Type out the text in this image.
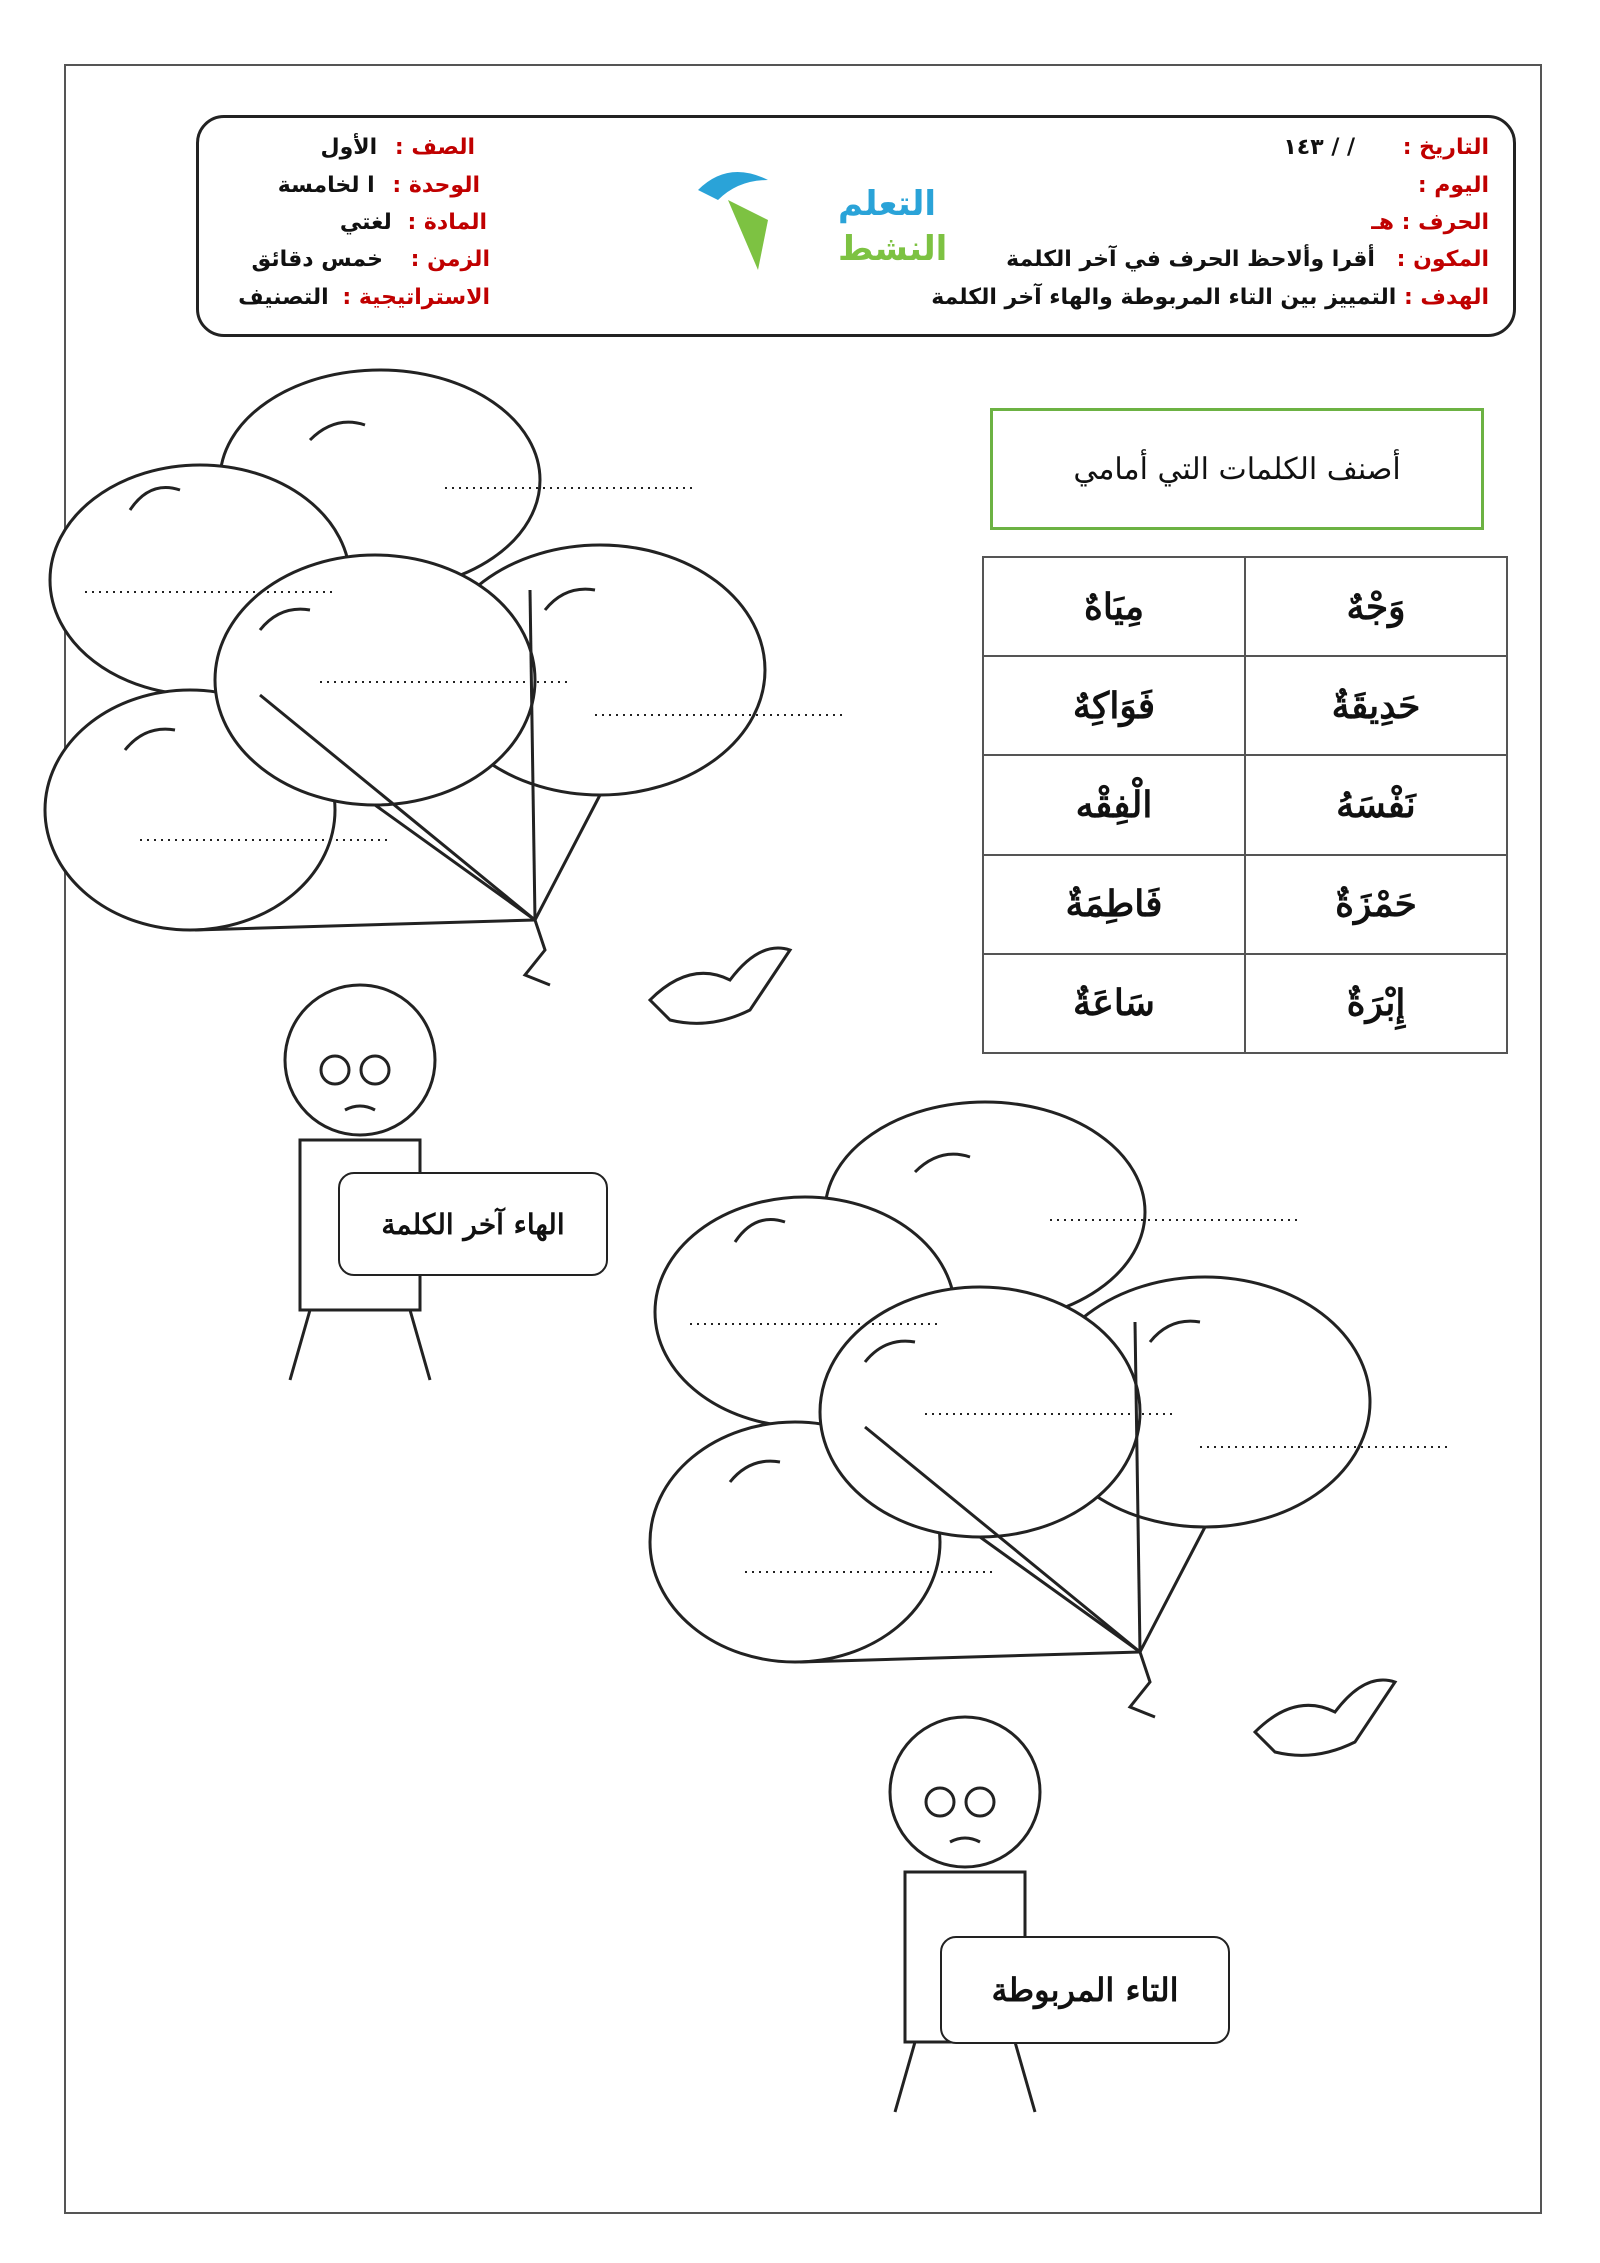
التاريخ : / / ١٤٣
اليوم :
الحرف : هـ
المكون : أقرا وألاحظ الحرف في آخر الكلمة
الهدف : التمييز بين التاء المربوطة والهاء آخر الكلمة
الصف : الأول
الوحدة : ا لخامسة
المادة : لغتي
الزمن : خمس دقائق
الاستراتيجية : التصنيف
التعلم
النشط
أصنف الكلمات التي أمامي
وَجْهٌ	مِيَاهٌ
حَدِيقَةٌ	فَوَاكِهٌ
نَفْسَهُ	الْفِقْه
حَمْزَةٌ	فَاطِمَةٌ
إِبْرَةٌ	سَاعَةٌ
الهاء آخر الكلمة
التاء المربوطة
